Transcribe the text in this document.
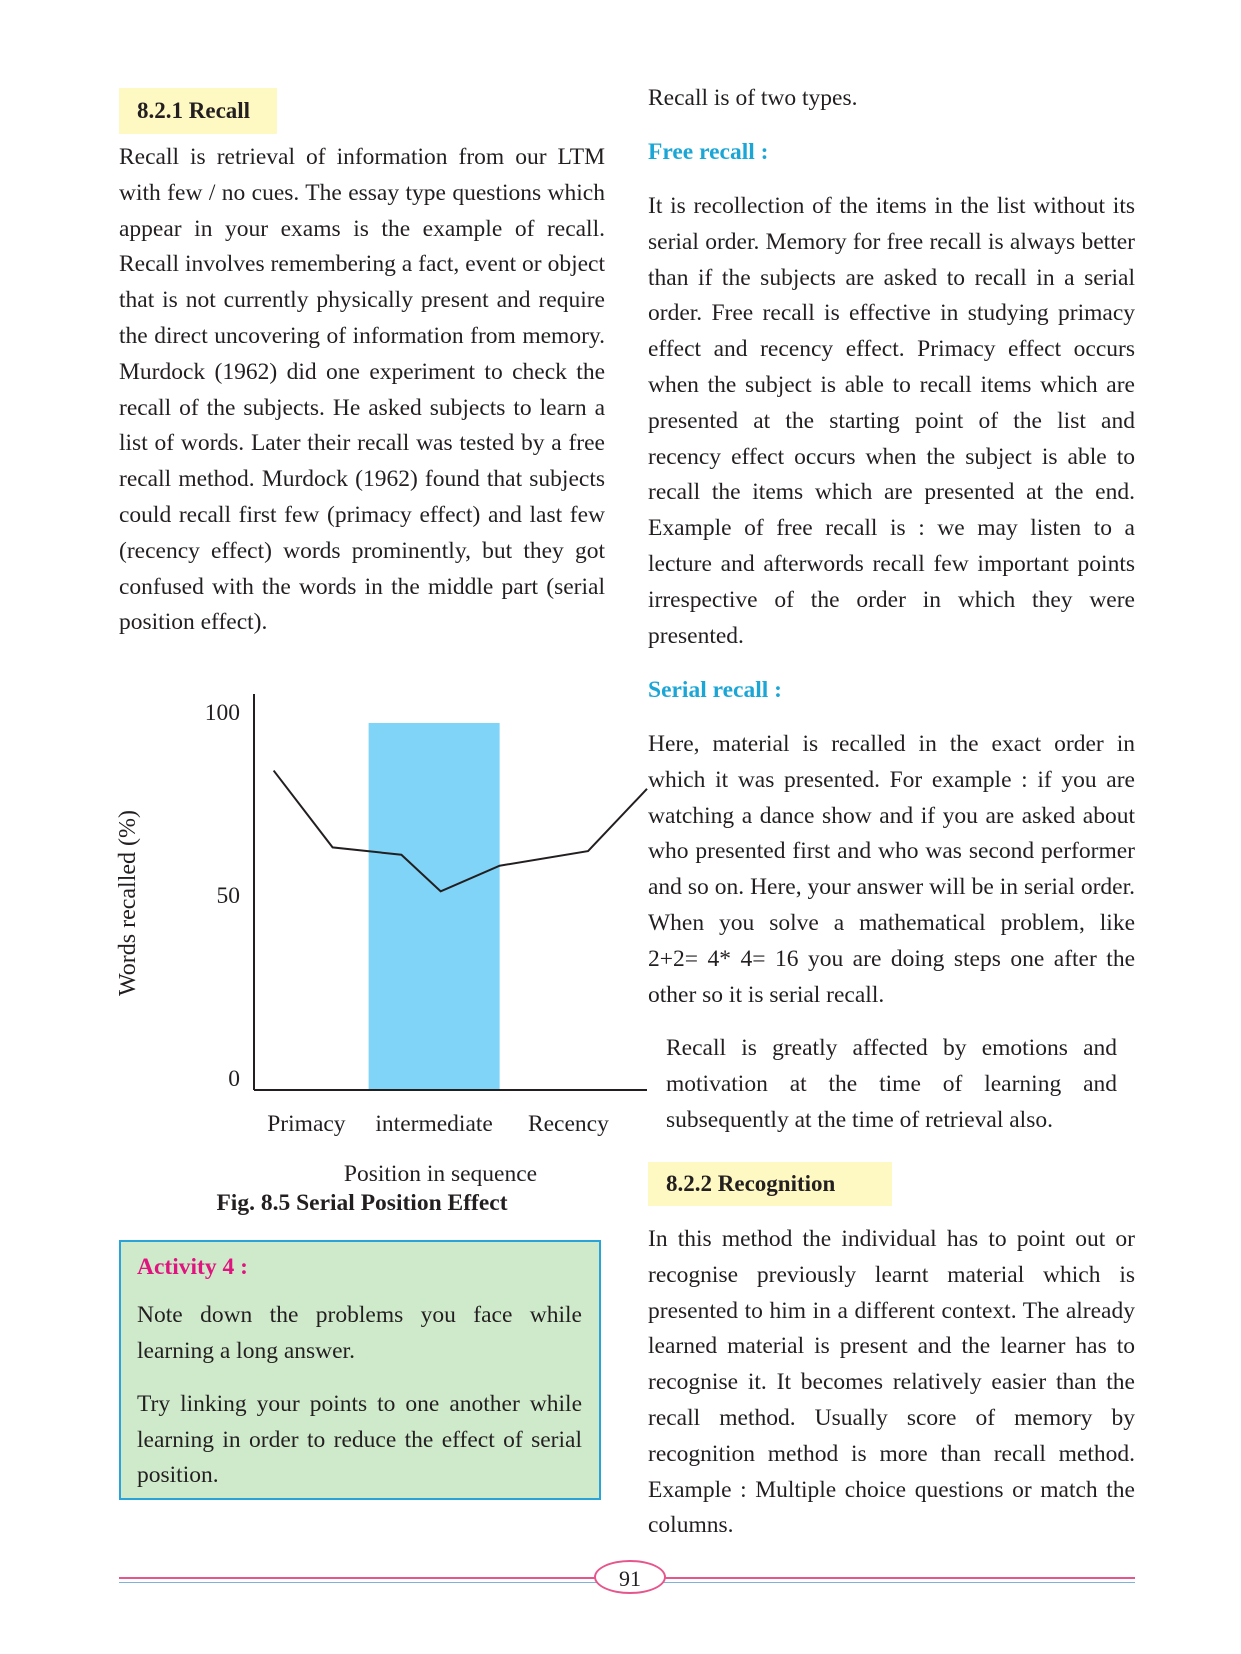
8.2.1 Recall

Recall is retrieval of information from our LTM with few / no cues. The essay type questions which appear in your exams is the example of recall. Recall involves remembering a fact, event or object that is not currently physically present and require the direct uncovering of information from memory. Murdock (1962) did one experiment to check the recall of the subjects. He asked subjects to learn a list of words. Later their recall was tested by a free recall method. Murdock (1962) found that subjects could recall first few (primacy effect) and last few (recency effect) words prominently, but they got confused with the words in the middle part (serial position effect).

0
50
100
Primacy intermediate Recency
Words recalled (%)
Position in sequence
Fig. 8.5 Serial Position Effect
Activity 4 :

Note down the problems you face while learning a long answer.

Try linking your points to one another while learning in order to reduce the effect of serial position.

Recall is of two types.
Free recall :

It is recollection of the items in the list without its serial order. Memory for free recall is always better than if the subjects are asked to recall in a serial order. Free recall is effective in studying primacy effect and recency effect. Primacy effect occurs when the subject is able to recall items which are presented at the starting point of the list and recency effect occurs when the subject is able to recall the items which are presented at the end. Example of free recall is : we may listen to a lecture and afterwords recall few important points irrespective of the order in which they were presented.

Serial recall :

Here, material is recalled in the exact order in which it was presented. For example : if you are watching a dance show and if you are asked about who presented first and who was second performer and so on. Here, your answer will be in serial order. When you solve a mathematical problem, like 2+2= 4* 4= 16 you are doing steps one after the other so it is serial recall.

Recall is greatly affected by emotions and motivation at the time of learning and subsequently at the time of retrieval also.

8.2.2 Recognition

In this method the individual has to point out or recognise previously learnt material which is presented to him in a different context. The already learned material is present and the learner has to recognise it. It becomes relatively easier than the recall method. Usually score of memory by recognition method is more than recall method. Example : Multiple choice questions or match the columns.

91
